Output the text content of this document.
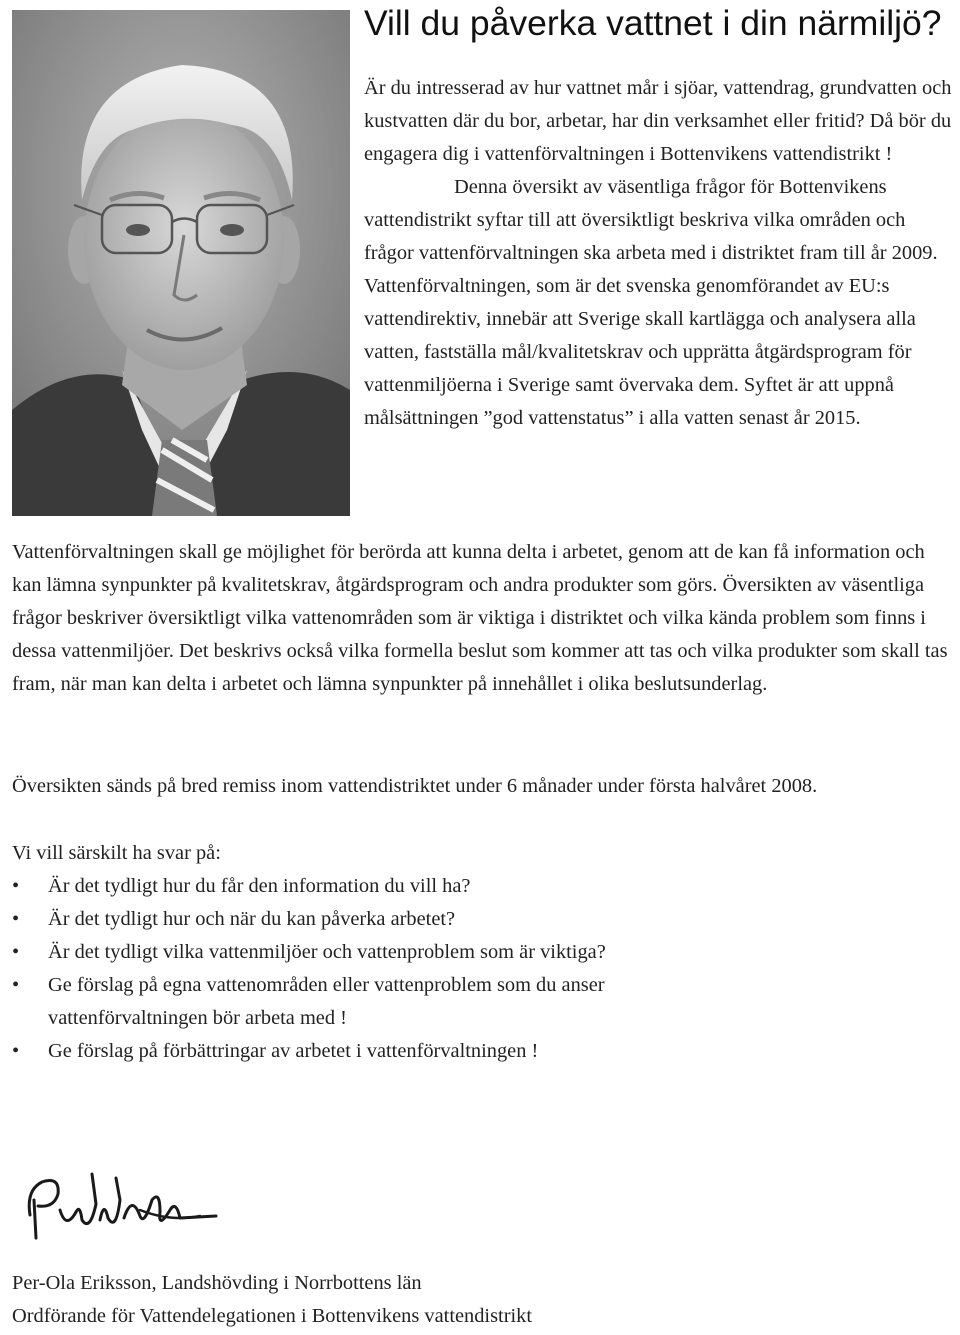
Vill du påverka vattnet i din närmiljö?

Är du intresserad av hur vattnet mår i sjöar, vattendrag, grundvatten och kustvatten där du bor, arbetar, har din verksamhet eller fritid? Då bör du engagera dig i vattenförvaltningen i Bottenvikens vattendistrikt !

Denna översikt av väsentliga frågor för Bottenvikens vattendistrikt syftar till att översiktligt beskriva vilka områden och frågor vattenförvaltningen ska arbeta med i distriktet fram till år 2009. Vattenförvaltningen, som är det svenska genomförandet av EU:s vattendirektiv, innebär att Sverige skall kartlägga och analysera alla vatten, fastställa mål/kvalitetskrav och upprätta åtgärdsprogram för vattenmiljöerna i Sverige samt övervaka dem. Syftet är att uppnå målsättningen ”god vattenstatus” i alla vatten senast år 2015.

Vattenförvaltningen skall ge möjlighet för berörda att kunna delta i arbetet, genom att de kan få information och kan lämna synpunkter på kvalitetskrav, åtgärdsprogram och andra produkter som görs. Översikten av väsentliga frågor beskriver översiktligt vilka vattenområden som är viktiga i distriktet och vilka kända problem som finns i dessa vattenmiljöer. Det beskrivs också vilka formella beslut som kommer att tas och vilka produkter som skall tas fram, när man kan delta i arbetet och lämna synpunkter på innehållet i olika beslutsunderlag.

Översikten sänds på bred remiss inom vattendistriktet under 6 månader under första halvåret 2008.

Vi vill särskilt ha svar på:

•	Är det tydligt hur du får den information du vill ha?
•	Är det tydligt hur och när du kan påverka arbetet?
•	Är det tydligt vilka vattenmiljöer och vattenproblem som är viktiga?
•	Ge förslag på egna vattenområden eller vattenproblem som du anser vattenförvaltningen bör arbeta med !
•	Ge förslag på förbättringar av arbetet i vattenförvaltningen !
Per-Ola Eriksson, Landshövding i Norrbottens län
Ordförande för Vattendelegationen i Bottenvikens vattendistrikt
